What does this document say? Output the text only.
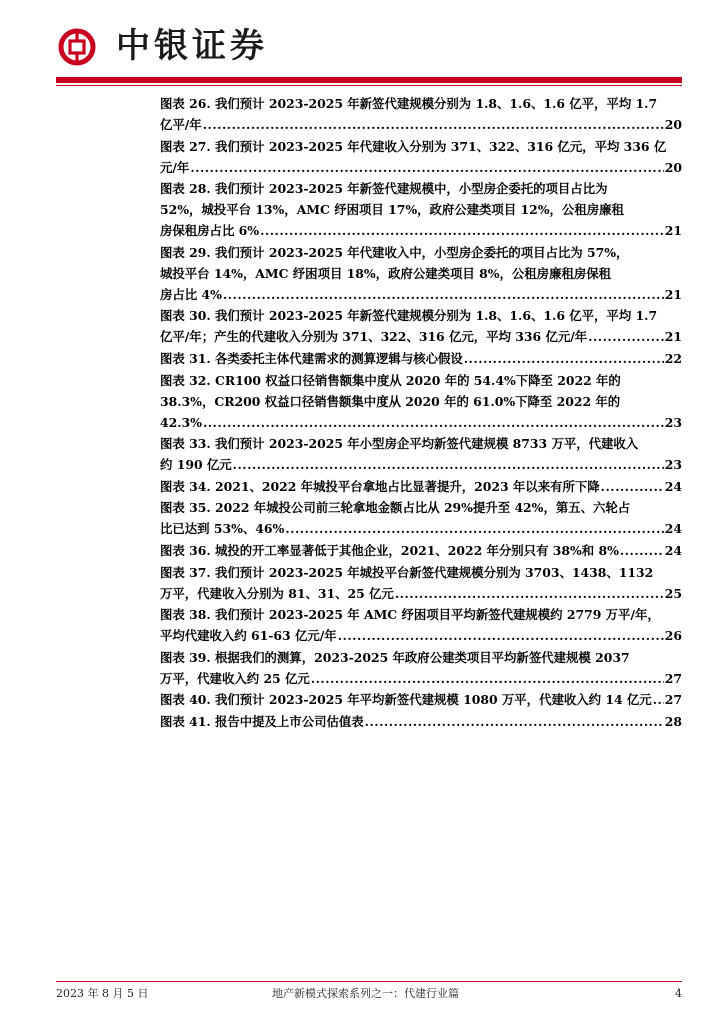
中银证券
图表 26. 我们预计 2023-2025 年新签代建规模分别为 1.8、1.6、1.6 亿平，平均 1.7
亿平/年 .....	20
图表 27. 我们预计 2023-2025 年代建收入分别为 371、322、316 亿元，平均 336 亿
元/年 .....	20
图表 28. 我们预计 2023-2025 年新签代建规模中，小型房企委托的项目占比为
52%，城投平台 13%，AMC 纾困项目 17%，政府公建类项目 12%，公租房廉租
房保租房占比 6% .....	21
图表 29. 我们预计 2023-2025 年代建收入中，小型房企委托的项目占比为 57%，
城投平台 14%，AMC 纾困项目 18%，政府公建类项目 8%，公租房廉租房保租
房占比 4% .....	21
图表 30. 我们预计 2023-2025 年新签代建规模分别为 1.8、1.6、1.6 亿平，平均 1.7
亿平/年；产生的代建收入分别为 371、322、316 亿元，平均 336 亿元/年 .....	21
图表 31. 各类委托主体代建需求的测算逻辑与核心假设 .....	22
图表 32. CR100 权益口径销售额集中度从 2020 年的 54.4%下降至 2022 年的
38.3%，CR200 权益口径销售额集中度从 2020 年的 61.0%下降至 2022 年的
42.3% .....	23
图表 33. 我们预计 2023-2025 年小型房企平均新签代建规模 8733 万平，代建收入
约 190 亿元 .....	23
图表 34. 2021、2022 年城投平台拿地占比显著提升，2023 年以来有所下降 .....	24
图表 35. 2022 年城投公司前三轮拿地金额占比从 29%提升至 42%，第五、六轮占
比已达到 53%、46% .....	24
图表 36. 城投的开工率显著低于其他企业，2021、2022 年分别只有 38%和 8% .....	24
图表 37. 我们预计 2023-2025 年城投平台新签代建规模分别为 3703、1438、1132
万平，代建收入分别为 81、31、25 亿元 .....	25
图表 38. 我们预计 2023-2025 年 AMC 纾困项目平均新签代建规模约 2779 万平/年，
平均代建收入约 61-63 亿元/年 .....	26
图表 39. 根据我们的测算，2023-2025 年政府公建类项目平均新签代建规模 2037
万平，代建收入约 25 亿元 .....	27
图表 40. 我们预计 2023-2025 年平均新签代建规模 1080 万平，代建收入约 14 亿元 ..... 27
图表 41. 报告中提及上市公司估值表 .....	28
2023 年 8 月 5 日	地产新模式探索系列之一：代建行业篇	4
